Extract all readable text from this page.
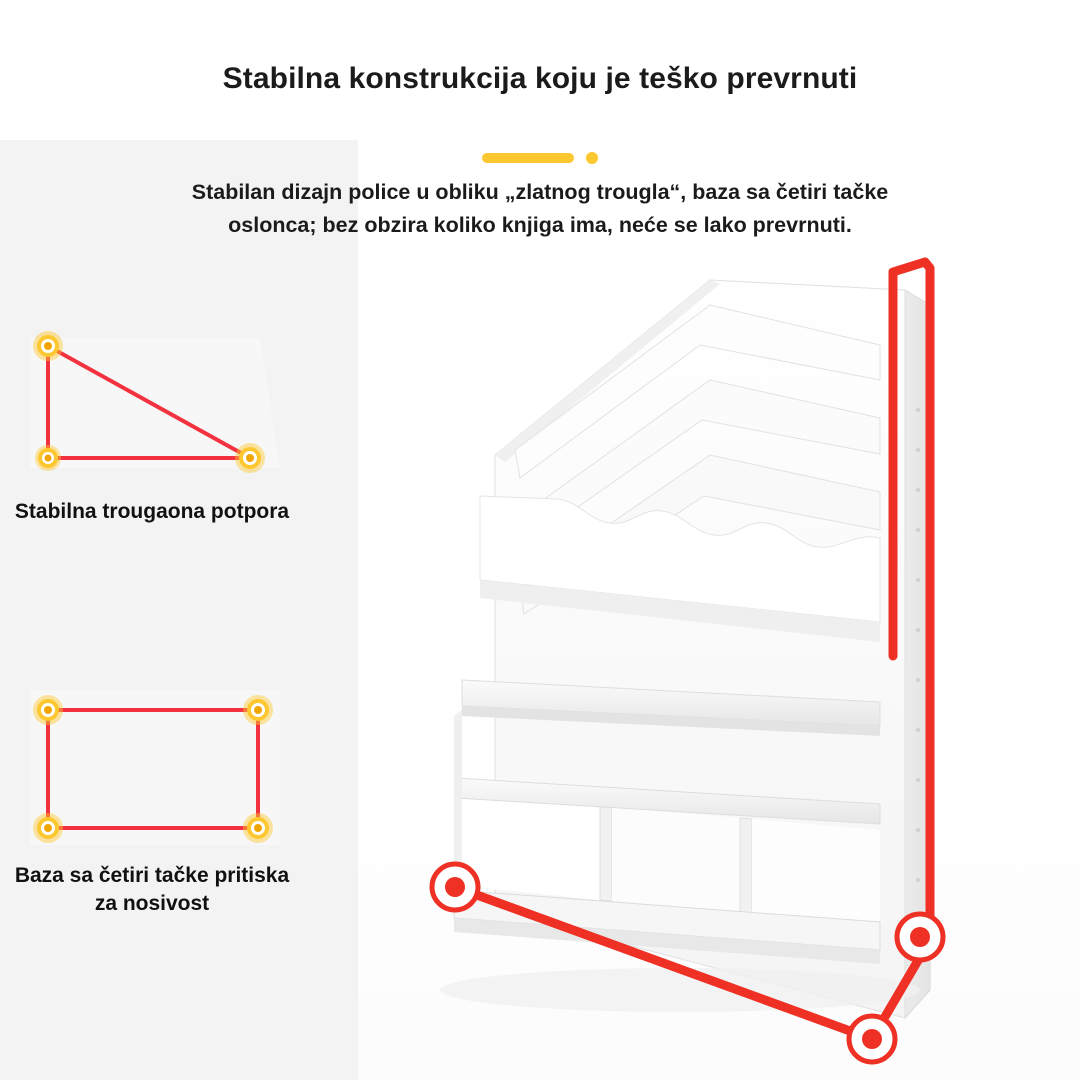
Stabilna konstrukcija koju je teško prevrnuti
Stabilan dizajn police u obliku „zlatnog trougla“, baza sa četiri tačke oslonca; bez obzira koliko knjiga ima, neće se lako prevrnuti.
Stabilna trougaona potpora
Baza sa četiri tačke pritiska za nosivost
